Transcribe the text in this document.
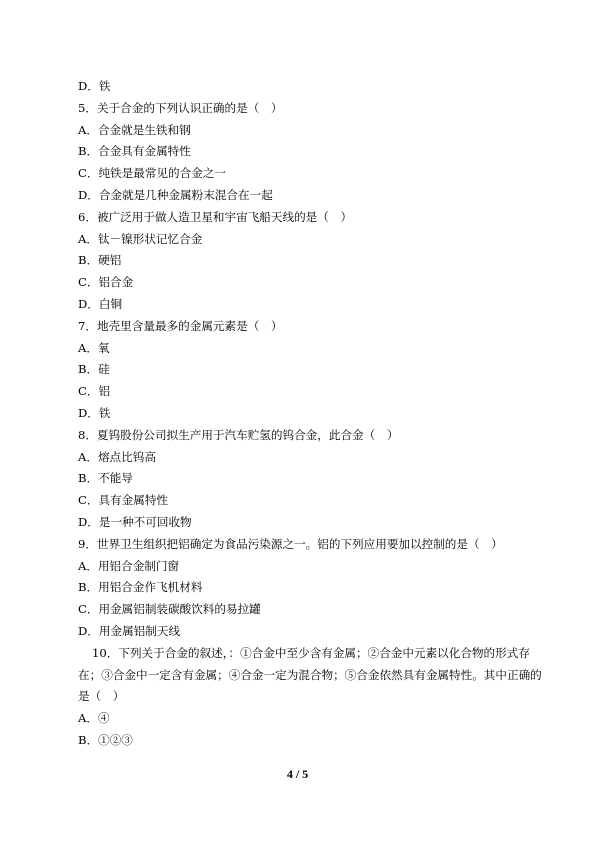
D．铁
5．关于合金的下列认识正确的是（　）
A．合金就是生铁和钢
B．合金具有金属特性
C．纯铁是最常见的合金之一
D．合金就是几种金属粉末混合在一起
6．被广泛用于做人造卫星和宇宙飞船天线的是（　）
A．钛－镍形状记忆合金
B．硬铝
C．铝合金
D．白铜
7．地壳里含量最多的金属元素是（　）
A．氧
B．硅
C．铝
D．铁
8．夏钨股份公司拟生产用于汽车贮氢的钨合金，此合金（　）
A．熔点比钨高
B．不能导
C．具有金属特性
D．是一种不可回收物
9．世界卫生组织把铝确定为食品污染源之一。铝的下列应用要加以控制的是（　）
A．用铝合金制门窗
B．用铝合金作飞机材料
C．用金属铝制装碳酸饮料的易拉罐
D．用金属铝制天线
10．下列关于合金的叙述，：①合金中至少含有金属；②合金中元素以化合物的形式存
在；③合金中一定含有金属；④合金一定为混合物；⑤合金依然具有金属特性。其中正确的
是（　）
A．④
B．①②③
4 / 5
